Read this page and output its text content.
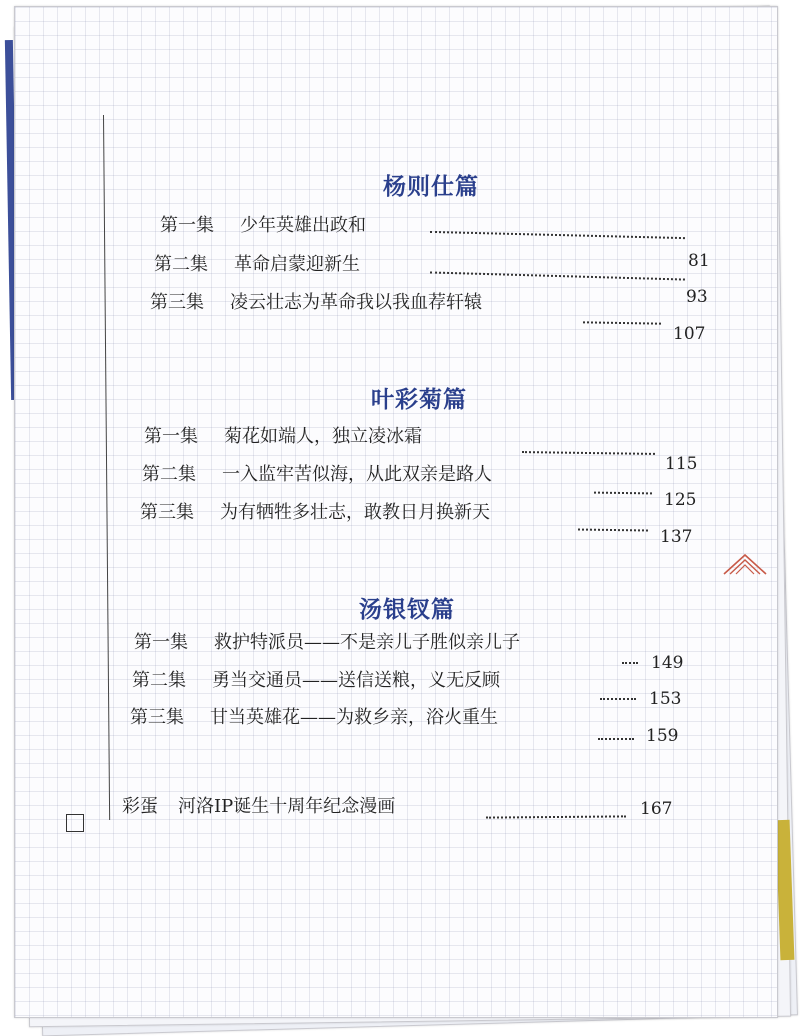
杨则仕篇
第一集 少年英雄出政和
81
第二集 革命启蒙迎新生
93
第三集 凌云壮志为革命我以我血荐轩辕
107
叶彩菊篇
第一集 菊花如端人，独立凌冰霜
115
第二集 一入监牢苦似海，从此双亲是路人
125
第三集 为有牺牲多壮志，敢教日月换新天
137
汤银钗篇
第一集 救护特派员——不是亲儿子胜似亲儿子
149
第二集 勇当交通员——送信送粮，义无反顾
153
第三集 甘当英雄花——为救乡亲，浴火重生
159
彩蛋 河洛IP诞生十周年纪念漫画	167
